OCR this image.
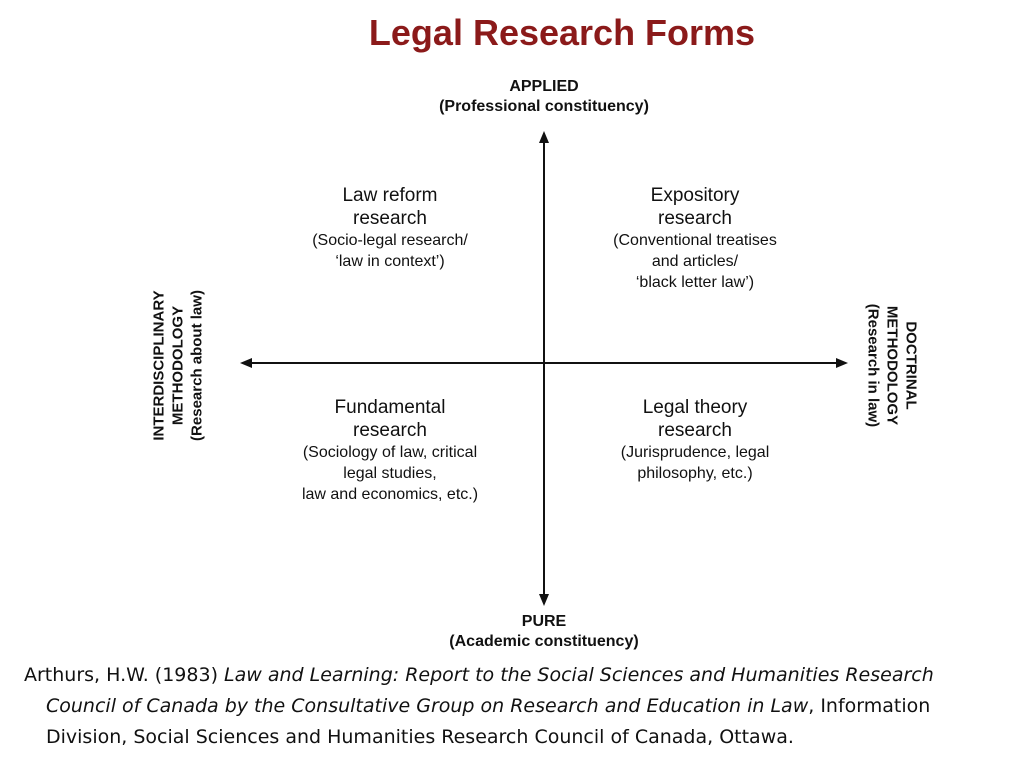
Legal Research Forms
APPLIED
(Professional constituency)
PURE
(Academic constituency)
INTERDISCIPLINARY METHODOLOGY (Research about law)	DOCTRINAL
METHODOLOGY
(Research in law)
Law reform
research
(Socio-legal research/
‘law in context’)
Expository
research
(Conventional treatises
and articles/
‘black letter law’)
Fundamental
research
(Sociology of law, critical
legal studies,
law and economics, etc.)
Legal theory
research
(Jurisprudence, legal
philosophy, etc.)
Arthurs, H.W. (1983) Law and Learning: Report to the Social Sciences and Humanities Research Council of Canada by the Consultative Group on Research and Education in Law, Information Division, Social Sciences and Humanities Research Council of Canada, Ottawa.
